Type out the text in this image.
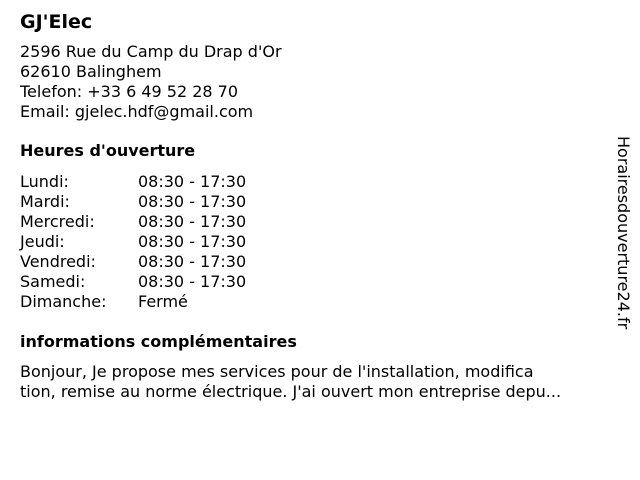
GJ'Elec
2596 Rue du Camp du Drap d'Or
62610 Balinghem
Telefon: +33 6 49 52 28 70
Email: gjelec.hdf@gmail.com
Heures d'ouverture
Lundi:	08:30 - 17:30
Mardi:	08:30 - 17:30
Mercredi:	08:30 - 17:30
Jeudi:	08:30 - 17:30
Vendredi:	08:30 - 17:30
Samedi:	08:30 - 17:30
Dimanche:	Fermé
informations complémentaires
Bonjour, Je propose mes services pour de l'installation, modifica
tion, remise au norme électrique. J'ai ouvert mon entreprise depu...
Horairesdouverture24.fr
